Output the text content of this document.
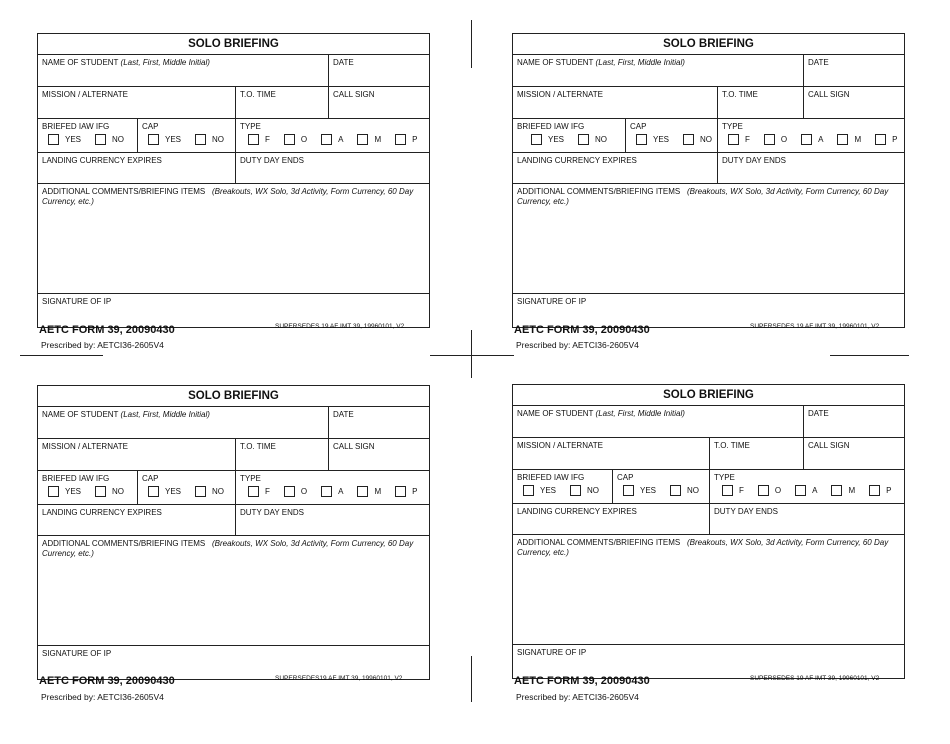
SOLO BRIEFING
NAME OF STUDENT (Last, First, Middle Initial)	DATE
MISSION / ALTERNATE	T.O. TIME	CALL SIGN
BRIEFED IAW IFG
YES	NO
CAP
YES	NO
TYPE
F	O	A	M	P
LANDING CURRENCY EXPIRES	DUTY DAY ENDS
ADDITIONAL COMMENTS/BRIEFING ITEMS (Breakouts, WX Solo, 3d Activity, Form Currency, 60 Day Currency, etc.)
SIGNATURE OF IP
AETC FORM 39, 20090430	SUPERSEDES 19 AF IMT 39, 19960101, V2
Prescribed by: AETCI36-2605V4
SOLO BRIEFING
NAME OF STUDENT (Last, First, Middle Initial)	DATE
MISSION / ALTERNATE	T.O. TIME	CALL SIGN
BRIEFED IAW IFG
YES	NO
CAP
YES	NO
TYPE
F	O	A	M	P
LANDING CURRENCY EXPIRES	DUTY DAY ENDS
ADDITIONAL COMMENTS/BRIEFING ITEMS (Breakouts, WX Solo, 3d Activity, Form Currency, 60 Day Currency, etc.)
SIGNATURE OF IP
AETC FORM 39, 20090430	SUPERSEDES 19 AF IMT 39, 19960101, V2
Prescribed by: AETCI36-2605V4
SOLO BRIEFING
NAME OF STUDENT (Last, First, Middle Initial)	DATE
MISSION / ALTERNATE	T.O. TIME	CALL SIGN
BRIEFED IAW IFG
YES	NO
CAP
YES	NO
TYPE
F	O	A	M	P
LANDING CURRENCY EXPIRES	DUTY DAY ENDS
ADDITIONAL COMMENTS/BRIEFING ITEMS (Breakouts, WX Solo, 3d Activity, Form Currency, 60 Day Currency, etc.)
SIGNATURE OF IP
AETC FORM 39, 20090430	SUPERSEDES19 AF IMT 39, 19960101, V2
Prescribed by: AETCI36-2605V4
SOLO BRIEFING
NAME OF STUDENT (Last, First, Middle Initial)	DATE
MISSION / ALTERNATE	T.O. TIME	CALL SIGN
BRIEFED IAW IFG
YES	NO
CAP
YES	NO
TYPE
F	O	A	M	P
LANDING CURRENCY EXPIRES	DUTY DAY ENDS
ADDITIONAL COMMENTS/BRIEFING ITEMS (Breakouts, WX Solo, 3d Activity, Form Currency, 60 Day Currency, etc.)
SIGNATURE OF IP
AETC FORM 39, 20090430	SUPERSEDES 19 AF IMT 39, 19960101, V2
Prescribed by: AETCI36-2605V4
